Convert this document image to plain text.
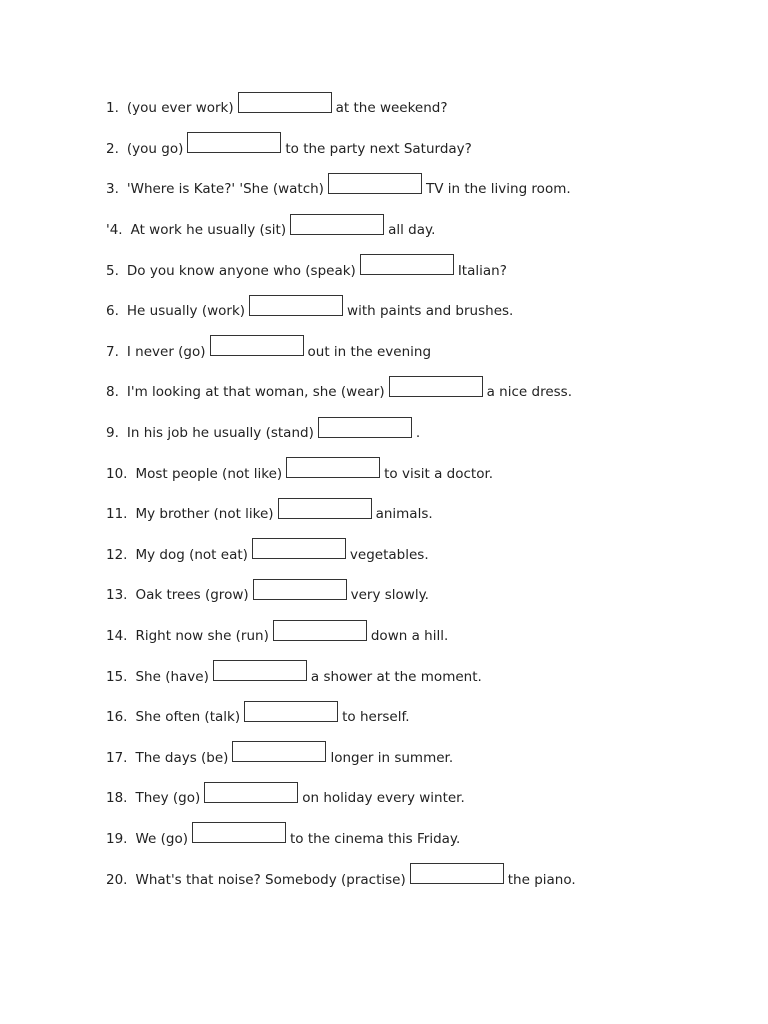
1. (you ever work)	at the weekend?
2. (you go)	to the party next Saturday?
3. 'Where is Kate?' 'She (watch)	TV in the living room.
'4. At work he usually (sit)	all day.
5. Do you know anyone who (speak)	Italian?
6. He usually (work)	with paints and brushes.
7. I never (go)	out in the evening
8. I'm looking at that woman, she (wear)	a nice dress.
9. In his job he usually (stand)	.
10. Most people (not like)	to visit a doctor.
11. My brother (not like)	animals.
12. My dog (not eat)	vegetables.
13. Oak trees (grow)	very slowly.
14. Right now she (run)	down a hill.
15. She (have)	a shower at the moment.
16. She often (talk)	to herself.
17. The days (be)	longer in summer.
18. They (go)	on holiday every winter.
19. We (go)	to the cinema this Friday.
20. What's that noise? Somebody (practise)	the piano.
